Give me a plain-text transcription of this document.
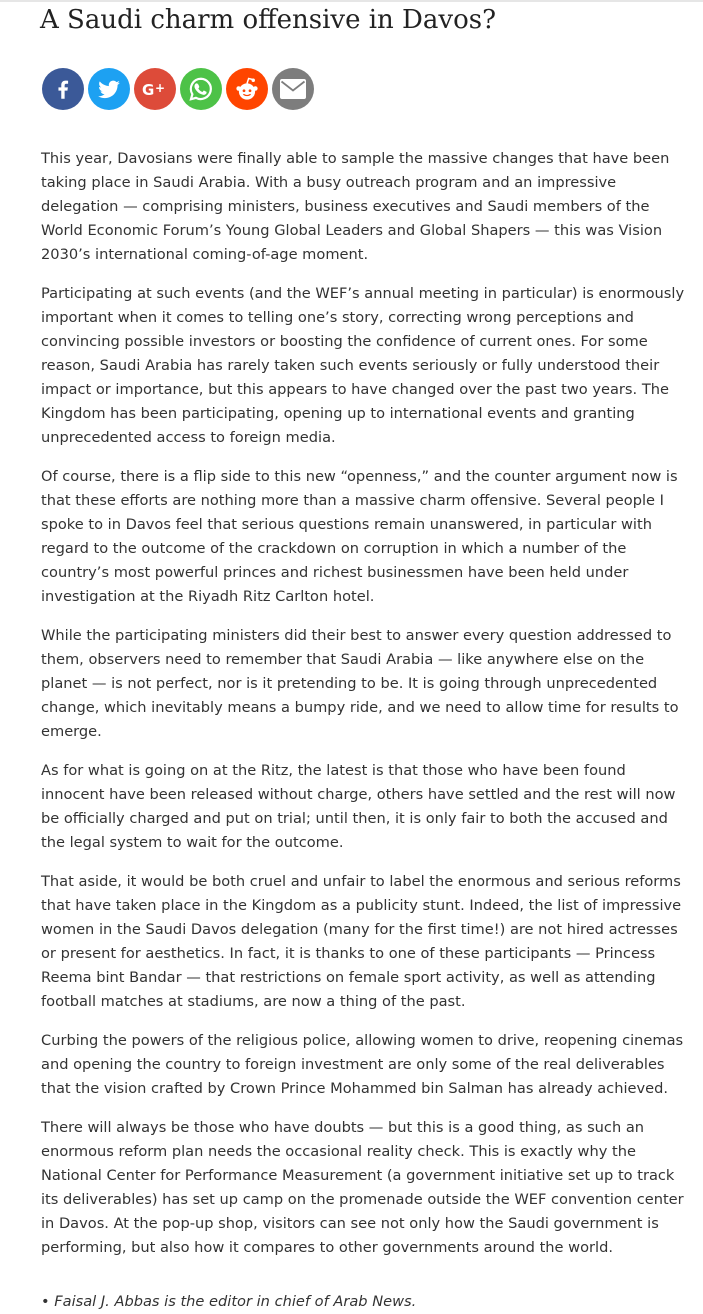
A Saudi charm offensive in Davos?
G +

This year, Davosians were finally able to sample the massive changes that have been taking place in Saudi Arabia. With a busy outreach program and an impressive delegation — comprising ministers, business executives and Saudi members of the World Economic Forum’s Young Global Leaders and Global Shapers — this was Vision 2030’s international coming-of-age moment.

Participating at such events (and the WEF’s annual meeting in particular) is enormously important when it comes to telling one’s story, correcting wrong perceptions and convincing possible investors or boosting the confidence of current ones. For some reason, Saudi Arabia has rarely taken such events seriously or fully understood their impact or importance, but this appears to have changed over the past two years. The Kingdom has been participating, opening up to international events and granting unprecedented access to foreign media.

Of course, there is a flip side to this new “openness,” and the counter argument now is that these efforts are nothing more than a massive charm offensive. Several people I spoke to in Davos feel that serious questions remain unanswered, in particular with regard to the outcome of the crackdown on corruption in which a number of the country’s most powerful princes and richest businessmen have been held under investigation at the Riyadh Ritz Carlton hotel.

While the participating ministers did their best to answer every question addressed to them, observers need to remember that Saudi Arabia — like anywhere else on the planet — is not perfect, nor is it pretending to be. It is going through unprecedented change, which inevitably means a bumpy ride, and we need to allow time for results to emerge.

As for what is going on at the Ritz, the latest is that those who have been found innocent have been released without charge, others have settled and the rest will now be officially charged and put on trial; until then, it is only fair to both the accused and the legal system to wait for the outcome.

That aside, it would be both cruel and unfair to label the enormous and serious reforms that have taken place in the Kingdom as a publicity stunt. Indeed, the list of impressive women in the Saudi Davos delegation (many for the first time!) are not hired actresses or present for aesthetics. In fact, it is thanks to one of these participants — Princess Reema bint Bandar — that restrictions on female sport activity, as well as attending football matches at stadiums, are now a thing of the past.

Curbing the powers of the religious police, allowing women to drive, reopening cinemas and opening the country to foreign investment are only some of the real deliverables that the vision crafted by Crown Prince Mohammed bin Salman has already achieved.

There will always be those who have doubts — but this is a good thing, as such an enormous reform plan needs the occasional reality check. This is exactly why the National Center for Performance Measurement (a government initiative set up to track its deliverables) has set up camp on the promenade outside the WEF convention center in Davos. At the pop-up shop, visitors can see not only how the Saudi government is performing, but also how it compares to other governments around the world.

• Faisal J. Abbas is the editor in chief of Arab News.
